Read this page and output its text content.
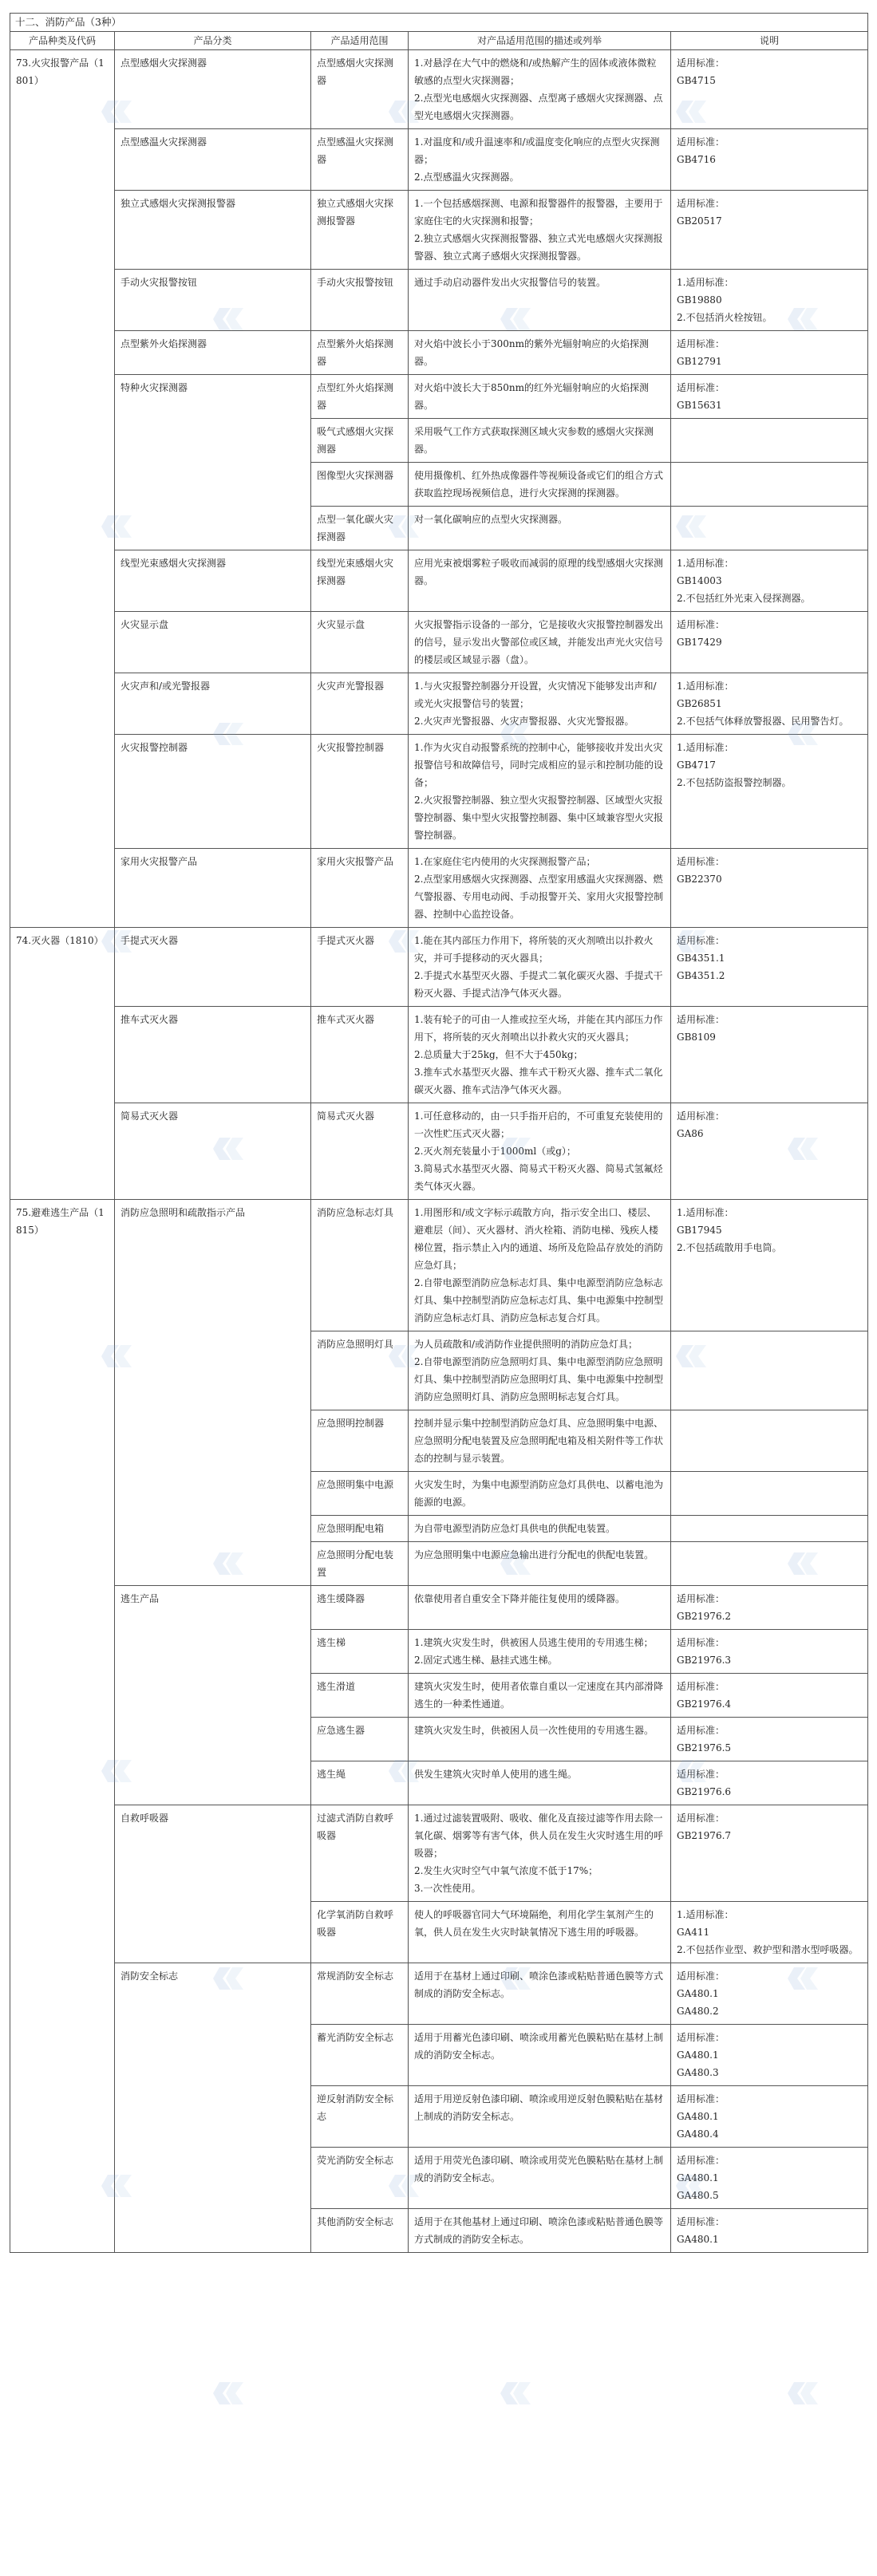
十二、消防产品（3种）				
产品种类及代码	产品分类	产品适用范围	对产品适用范围的描述或列举	说明
73.火灾报警产品（1801）	点型感烟火灾探测器	点型感烟火灾探测器	1.对悬浮在大气中的燃烧和/或热解产生的固体或液体微粒敏感的点型火灾探测器；
2.点型光电感烟火灾探测器、点型离子感烟火灾探测器、点型光电感烟火灾探测器。	适用标准：
GB4715
	点型感温火灾探测器	点型感温火灾探测器	1.对温度和/或升温速率和/或温度变化响应的点型火灾探测器；
2.点型感温火灾探测器。	适用标准：
GB4716
	独立式感烟火灾探测报警器	独立式感烟火灾探测报警器	1.一个包括感烟探测、电源和报警器件的报警器，主要用于家庭住宅的火灾探测和报警；
2.独立式感烟火灾探测报警器、独立式光电感烟火灾探测报警器、独立式离子感烟火灾探测报警器。	适用标准：
GB20517
	手动火灾报警按钮	手动火灾报警按钮	通过手动启动器件发出火灾报警信号的装置。	1.适用标准：
GB19880
2.不包括消火栓按钮。
	点型紫外火焰探测器	点型紫外火焰探测器	对火焰中波长小于300nm的紫外光辐射响应的火焰探测器。	适用标准：
GB12791
	特种火灾探测器	点型红外火焰探测器	对火焰中波长大于850nm的红外光辐射响应的火焰探测器。	适用标准：
GB15631
		吸气式感烟火灾探测器	采用吸气工作方式获取探测区域火灾参数的感烟火灾探测器。	
		图像型火灾探测器	使用摄像机、红外热成像器件等视频设备或它们的组合方式获取监控现场视频信息，进行火灾探测的探测器。	
		点型一氧化碳火灾探测器	对一氧化碳响应的点型火灾探测器。	
	线型光束感烟火灾探测器	线型光束感烟火灾探测器	应用光束被烟雾粒子吸收而减弱的原理的线型感烟火灾探测器。	1.适用标准：
GB14003
2.不包括红外光束入侵探测器。
	火灾显示盘	火灾显示盘	火灾报警指示设备的一部分，它是接收火灾报警控制器发出的信号，显示发出火警部位或区域，并能发出声光火灾信号的楼层或区域显示器（盘）。	适用标准：
GB17429
	火灾声和/或光警报器	火灾声光警报器	1.与火灾报警控制器分开设置，火灾情况下能够发出声和/或光火灾报警信号的装置；
2.火灾声光警报器、火灾声警报器、火灾光警报器。	1.适用标准：
GB26851
2.不包括气体释放警报器、民用警告灯。
	火灾报警控制器	火灾报警控制器	1.作为火灾自动报警系统的控制中心，能够接收并发出火灾报警信号和故障信号，同时完成相应的显示和控制功能的设备；
2.火灾报警控制器、独立型火灾报警控制器、区域型火灾报警控制器、集中型火灾报警控制器、集中区域兼容型火灾报警控制器。	1.适用标准：
GB4717
2.不包括防盗报警控制器。
	家用火灾报警产品	家用火灾报警产品	1.在家庭住宅内使用的火灾探测报警产品；
2.点型家用感烟火灾探测器、点型家用感温火灾探测器、燃气警报器、专用电动阀、手动报警开关、家用火灾报警控制器、控制中心监控设备。	适用标准：
GB22370
74.灭火器（1810）	手提式灭火器	手提式灭火器	1.能在其内部压力作用下，将所装的灭火剂喷出以扑救火灾，并可手提移动的灭火器具；
2.手提式水基型灭火器、手提式二氧化碳灭火器、手提式干粉灭火器、手提式洁净气体灭火器。	适用标准：
GB4351.1
GB4351.2
	推车式灭火器	推车式灭火器	1.装有轮子的可由一人推或拉至火场，并能在其内部压力作用下，将所装的灭火剂喷出以扑救火灾的灭火器具；
2.总质量大于25kg，但不大于450kg；
3.推车式水基型灭火器、推车式干粉灭火器、推车式二氧化碳灭火器、推车式洁净气体灭火器。	适用标准：
GB8109
	简易式灭火器	简易式灭火器	1.可任意移动的，由一只手指开启的，不可重复充装使用的一次性贮压式灭火器；
2.灭火剂充装量小于1000ml（或g）；
3.简易式水基型灭火器、简易式干粉灭火器、简易式氢氟烃类气体灭火器。	适用标准：
GA86
75.避难逃生产品（1815）	消防应急照明和疏散指示产品	消防应急标志灯具	1.用图形和/或文字标示疏散方向，指示安全出口、楼层、避难层（间）、灭火器材、消火栓箱、消防电梯、残疾人楼梯位置，指示禁止入内的通道、场所及危险品存放处的消防应急灯具；
2.自带电源型消防应急标志灯具、集中电源型消防应急标志灯具、集中控制型消防应急标志灯具、集中电源集中控制型消防应急标志灯具、消防应急标志复合灯具。	1.适用标准：
GB17945
2.不包括疏散用手电筒。
		消防应急照明灯具	为人员疏散和/或消防作业提供照明的消防应急灯具；
2.自带电源型消防应急照明灯具、集中电源型消防应急照明灯具、集中控制型消防应急照明灯具、集中电源集中控制型消防应急照明灯具、消防应急照明标志复合灯具。	
		应急照明控制器	控制并显示集中控制型消防应急灯具、应急照明集中电源、应急照明分配电装置及应急照明配电箱及相关附件等工作状态的控制与显示装置。	
		应急照明集中电源	火灾发生时，为集中电源型消防应急灯具供电、以蓄电池为能源的电源。	
		应急照明配电箱	为自带电源型消防应急灯具供电的供配电装置。	
		应急照明分配电装置	为应急照明集中电源应急输出进行分配电的供配电装置。	
	逃生产品	逃生缓降器	依靠使用者自重安全下降并能往复使用的缓降器。	适用标准：
GB21976.2
		逃生梯	1.建筑火灾发生时，供被困人员逃生使用的专用逃生梯；
2.固定式逃生梯、悬挂式逃生梯。	适用标准：
GB21976.3
		逃生滑道	建筑火灾发生时，使用者依靠自重以一定速度在其内部滑降逃生的一种柔性通道。	适用标准：
GB21976.4
		应急逃生器	建筑火灾发生时，供被困人员一次性使用的专用逃生器。	适用标准：
GB21976.5
		逃生绳	供发生建筑火灾时单人使用的逃生绳。	适用标准：
GB21976.6
	自救呼吸器	过滤式消防自救呼吸器	1.通过过滤装置吸附、吸收、催化及直接过滤等作用去除一氧化碳、烟雾等有害气体，供人员在发生火灾时逃生用的呼吸器；
2.发生火灾时空气中氧气浓度不低于17%；
3.一次性使用。	适用标准：
GB21976.7
		化学氧消防自救呼吸器	使人的呼吸器官同大气环境隔绝，利用化学生氧剂产生的氧，供人员在发生火灾时缺氧情况下逃生用的呼吸器。	1.适用标准：
GA411
2.不包括作业型、救护型和潜水型呼吸器。
	消防安全标志	常规消防安全标志	适用于在基材上通过印刷、喷涂色漆或粘贴普通色膜等方式制成的消防安全标志。	适用标准：
GA480.1
GA480.2
		蓄光消防安全标志	适用于用蓄光色漆印刷、喷涂或用蓄光色膜粘贴在基材上制成的消防安全标志。	适用标准：
GA480.1
GA480.3
		逆反射消防安全标志	适用于用逆反射色漆印刷、喷涂或用逆反射色膜粘贴在基材上制成的消防安全标志。	适用标准：
GA480.1
GA480.4
		荧光消防安全标志	适用于用荧光色漆印刷、喷涂或用荧光色膜粘贴在基材上制成的消防安全标志。	适用标准：
GA480.1
GA480.5
		其他消防安全标志	适用于在其他基材上通过印刷、喷涂色漆或粘贴普通色膜等方式制成的消防安全标志。	适用标准：
GA480.1
